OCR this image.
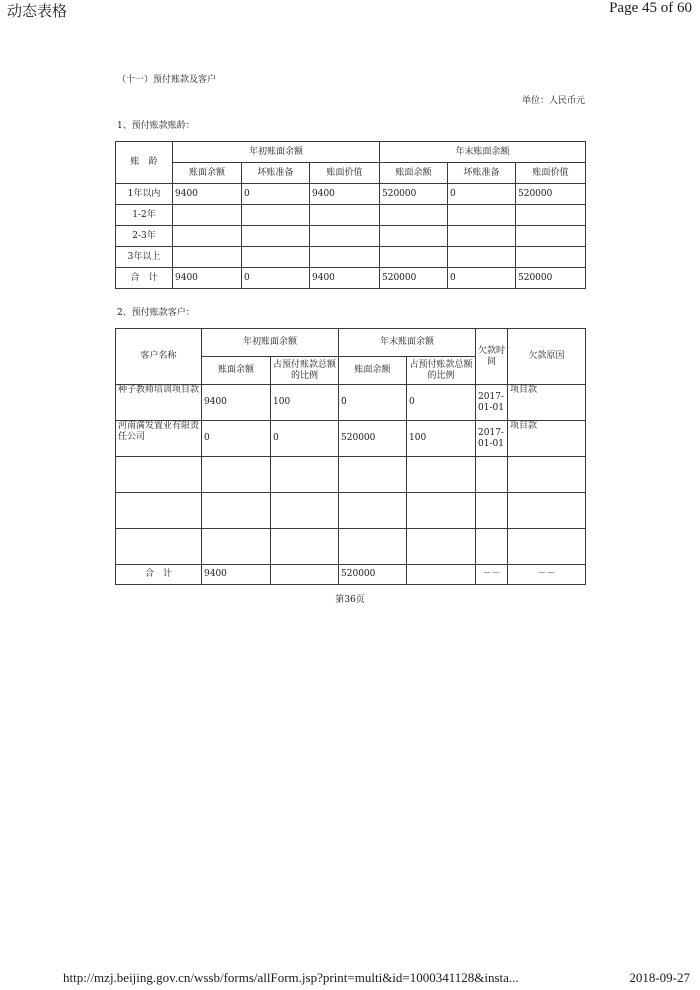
动态表格	Page 45 of 60
（十一）预付账款及客户
单位：人民币元
1、预付账款账龄：
账　龄	年初账面余额			年末账面余额		
	账面余额	坏账准备	账面价值	账面余额	坏账准备	账面价值
1年以内	9400	0	9400	520000	0	520000
1-2年						
2-3年						
3年以上						
合　计	9400	0	9400	520000	0	520000
2、预付账款客户：
客户名称	年初账面余额		年末账面余额		欠款时间	欠款原因
	账面余额	占预付账款总额的比例	账面余额	占预付账款总额的比例		
种子教师培训项目款	9400	100	0	0	2017-01-01	项目款
河南満发置业有限责任公司	0	0	520000	100	2017-01-01	项目款

合　计	9400		520000		－－	－－
第36页
http://mzj.beijing.gov.cn/wssb/forms/allForm.jsp?print=multi&id=1000341128&insta...	2018-09-27
